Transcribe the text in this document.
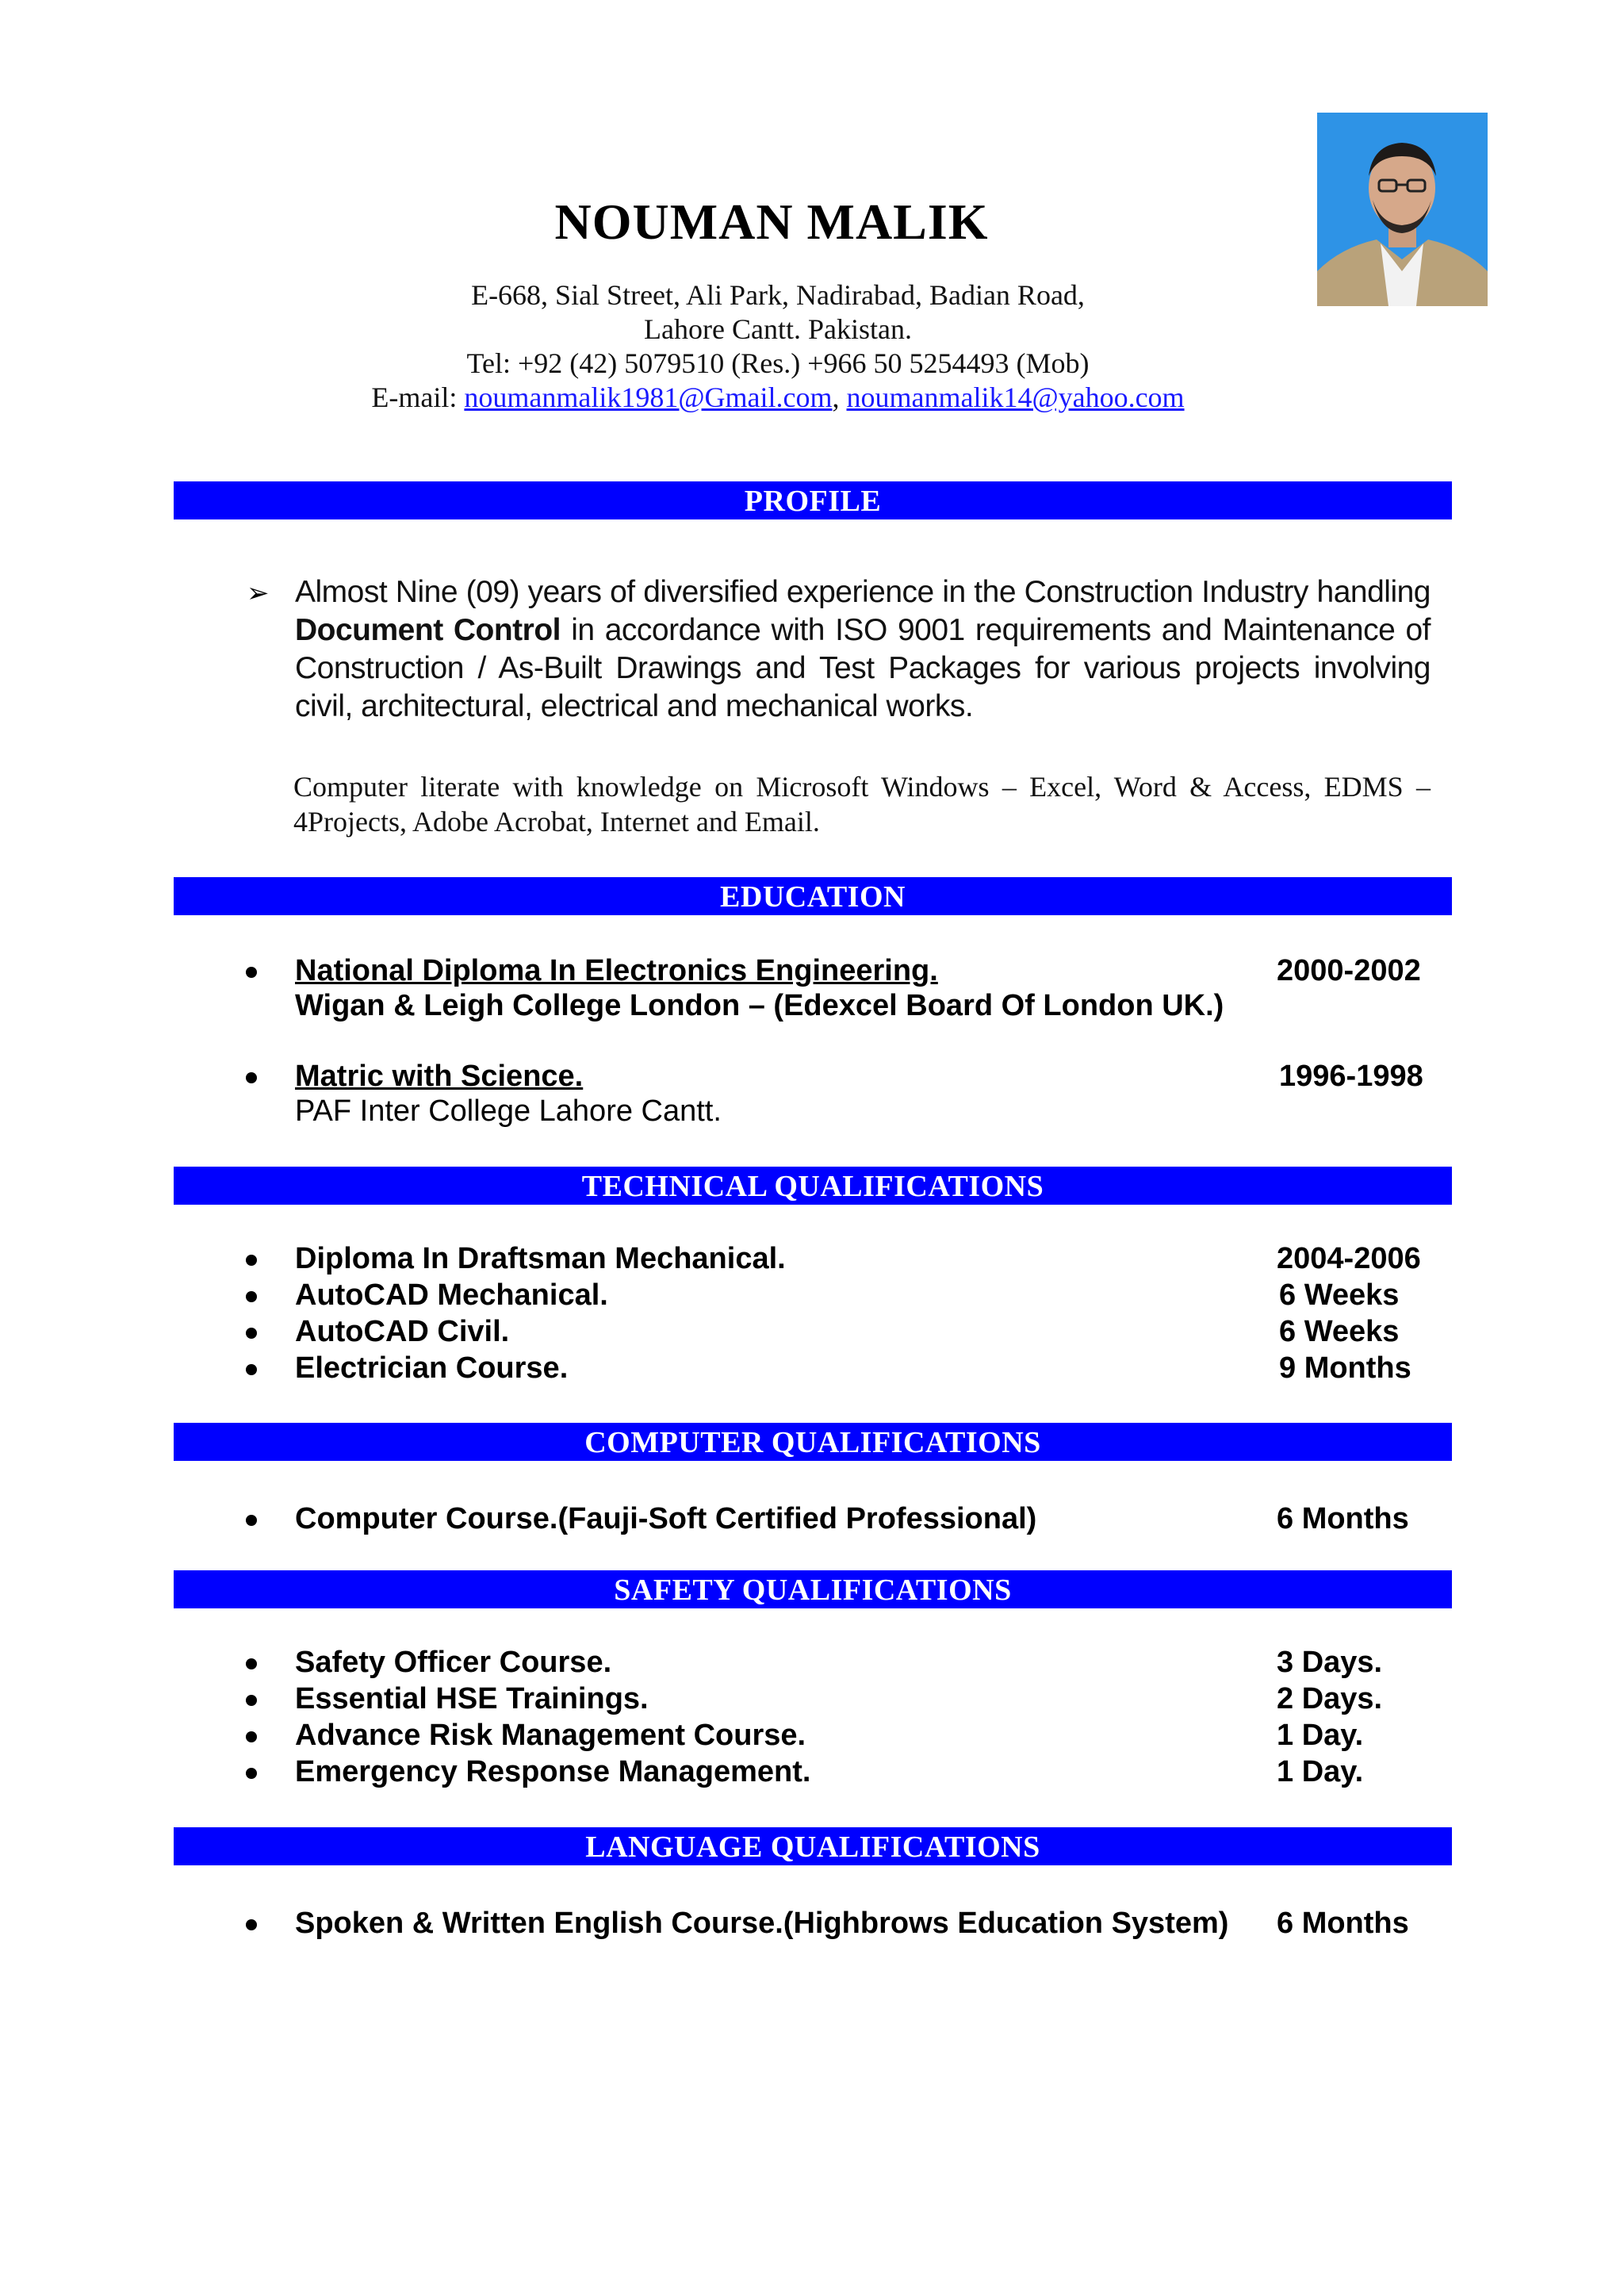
NOUMAN MALIK
E-668, Sial Street, Ali Park, Nadirabad, Badian Road,
Lahore Cantt. Pakistan.
Tel: +92 (42) 5079510 (Res.) +966 50 5254493 (Mob)
E-mail: noumanmalik1981@Gmail.com, noumanmalik14@yahoo.com
PROFILE
➢ Almost Nine (09) years of diversified experience in the Construction Industry handling Document Control in accordance with ISO 9001 requirements and Maintenance of Construction / As-Built Drawings and Test Packages for various projects involving civil, architectural, electrical and mechanical works.
Computer literate with knowledge on Microsoft Windows – Excel, Word & Access, EDMS – 4Projects, Adobe Acrobat, Internet and Email.
EDUCATION
National Diploma In Electronics Engineering.	2000-2002
Wigan & Leigh College London – (Edexcel Board Of London UK.)
Matric with Science.	1996-1998
PAF Inter College Lahore Cantt.
TECHNICAL QUALIFICATIONS
Diploma In Draftsman Mechanical.	2004-2006
AutoCAD Mechanical.	6 Weeks
AutoCAD Civil.	6 Weeks
Electrician Course.	9 Months
COMPUTER QUALIFICATIONS
Computer Course.(Fauji-Soft Certified Professional)	6 Months
SAFETY QUALIFICATIONS
Safety Officer Course.	3 Days.
Essential HSE Trainings.	2 Days.
Advance Risk Management Course.	1 Day.
Emergency Response Management.	1 Day.
LANGUAGE QUALIFICATIONS
Spoken & Written English Course.(Highbrows Education System) 6 Months
